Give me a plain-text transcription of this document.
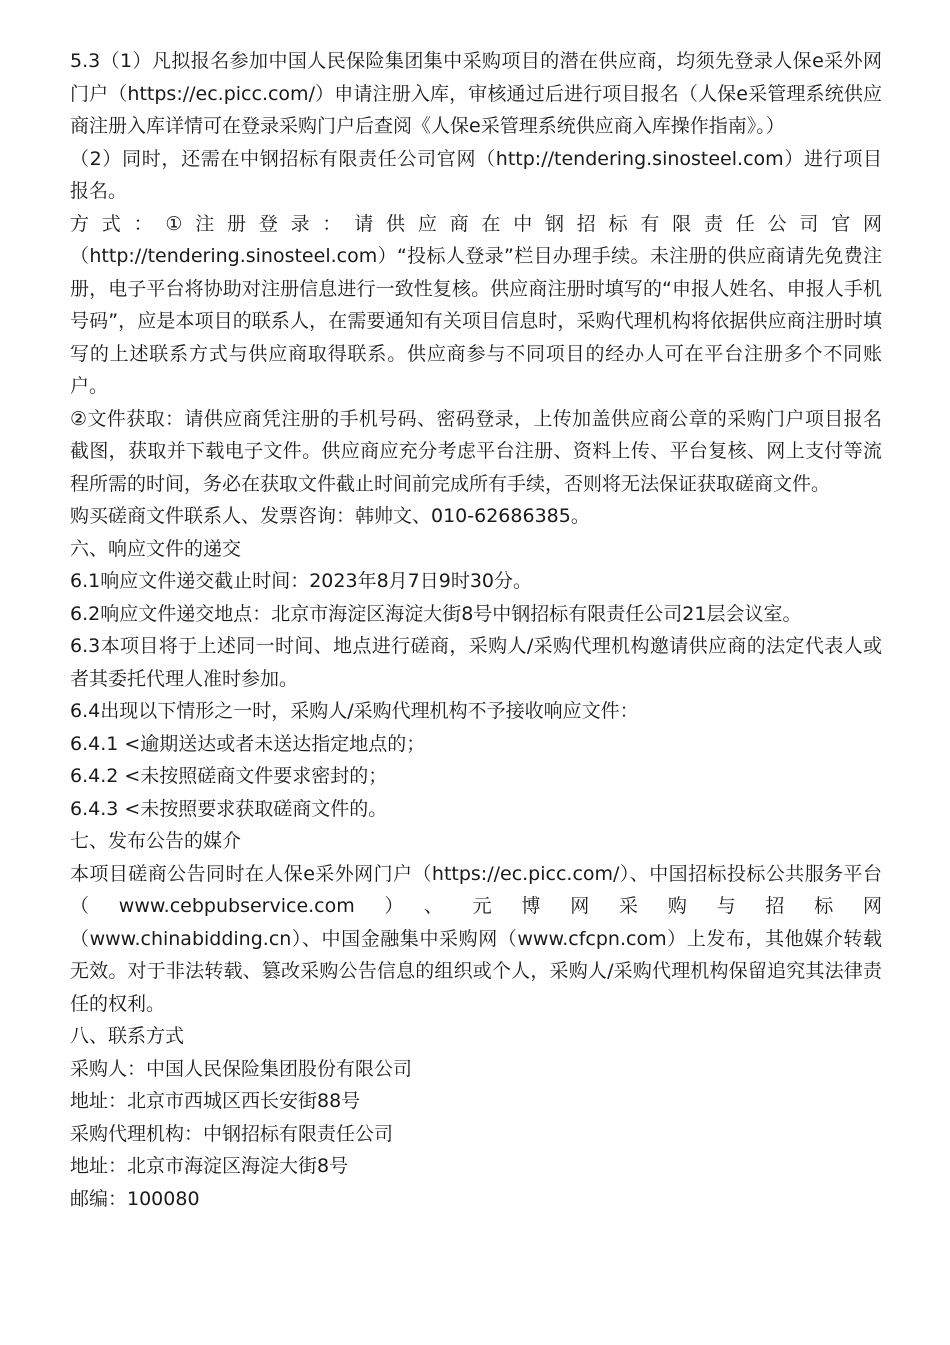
5.3（1）凡拟报名参加中国人民保险集团集中采购项目的潜在供应商，均须先登录人保e采外网门户（https://ec.picc.com/）申请注册入库，审核通过后进行项目报名（人保e采管理系统供应商注册入库详情可在登录采购门户后查阅《人保e采管理系统供应商入库操作指南》。）

（2）同时，还需在中钢招标有限责任公司官网（http://tendering.sinosteel.com）进行项目报名。

方式：①注册登录：请供应商在中钢招标有限责任公司官网

（http://tendering.sinosteel.com）“投标人登录”栏目办理手续。未注册的供应商请先免费注册，电子平台将协助对注册信息进行一致性复核。供应商注册时填写的“申报人姓名、申报人手机号码”，应是本项目的联系人，在需要通知有关项目信息时，采购代理机构将依据供应商注册时填写的上述联系方式与供应商取得联系。供应商参与不同项目的经办人可在平台注册多个不同账户。

②文件获取：请供应商凭注册的手机号码、密码登录，上传加盖供应商公章的采购门户项目报名截图，获取并下载电子文件。供应商应充分考虑平台注册、资料上传、平台复核、网上支付等流程所需的时间，务必在获取文件截止时间前完成所有手续，否则将无法保证获取磋商文件。

购买磋商文件联系人、发票咨询：韩帅文、010-62686385。

六、响应文件的递交

6.1响应文件递交截止时间：2023年8月7日9时30分。

6.2响应文件递交地点：北京市海淀区海淀大街8号中钢招标有限责任公司21层会议室。

6.3本项目将于上述同一时间、地点进行磋商，采购人/采购代理机构邀请供应商的法定代表人或者其委托代理人准时参加。

6.4出现以下情形之一时，采购人/采购代理机构不予接收响应文件：

6.4.1 <逾期送达或者未送达指定地点的；

6.4.2 <未按照磋商文件要求密封的；

6.4.3 <未按照要求获取磋商文件的。

七、发布公告的媒介

本项目磋商公告同时在人保e采外网门户（https://ec.picc.com/）、中国招标投标公共服务平台（www.cebpubservice.com）、元博网采购与招标网

（www.chinabidding.cn）、中国金融集中采购网（www.cfcpn.com）上发布，其他媒介转载无效。对于非法转载、篡改采购公告信息的组织或个人，采购人/采购代理机构保留追究其法律责任的权利。

八、联系方式

采购人：中国人民保险集团股份有限公司

地址：北京市西城区西长安街88号

采购代理机构：中钢招标有限责任公司

地址：北京市海淀区海淀大街8号

邮编：100080
